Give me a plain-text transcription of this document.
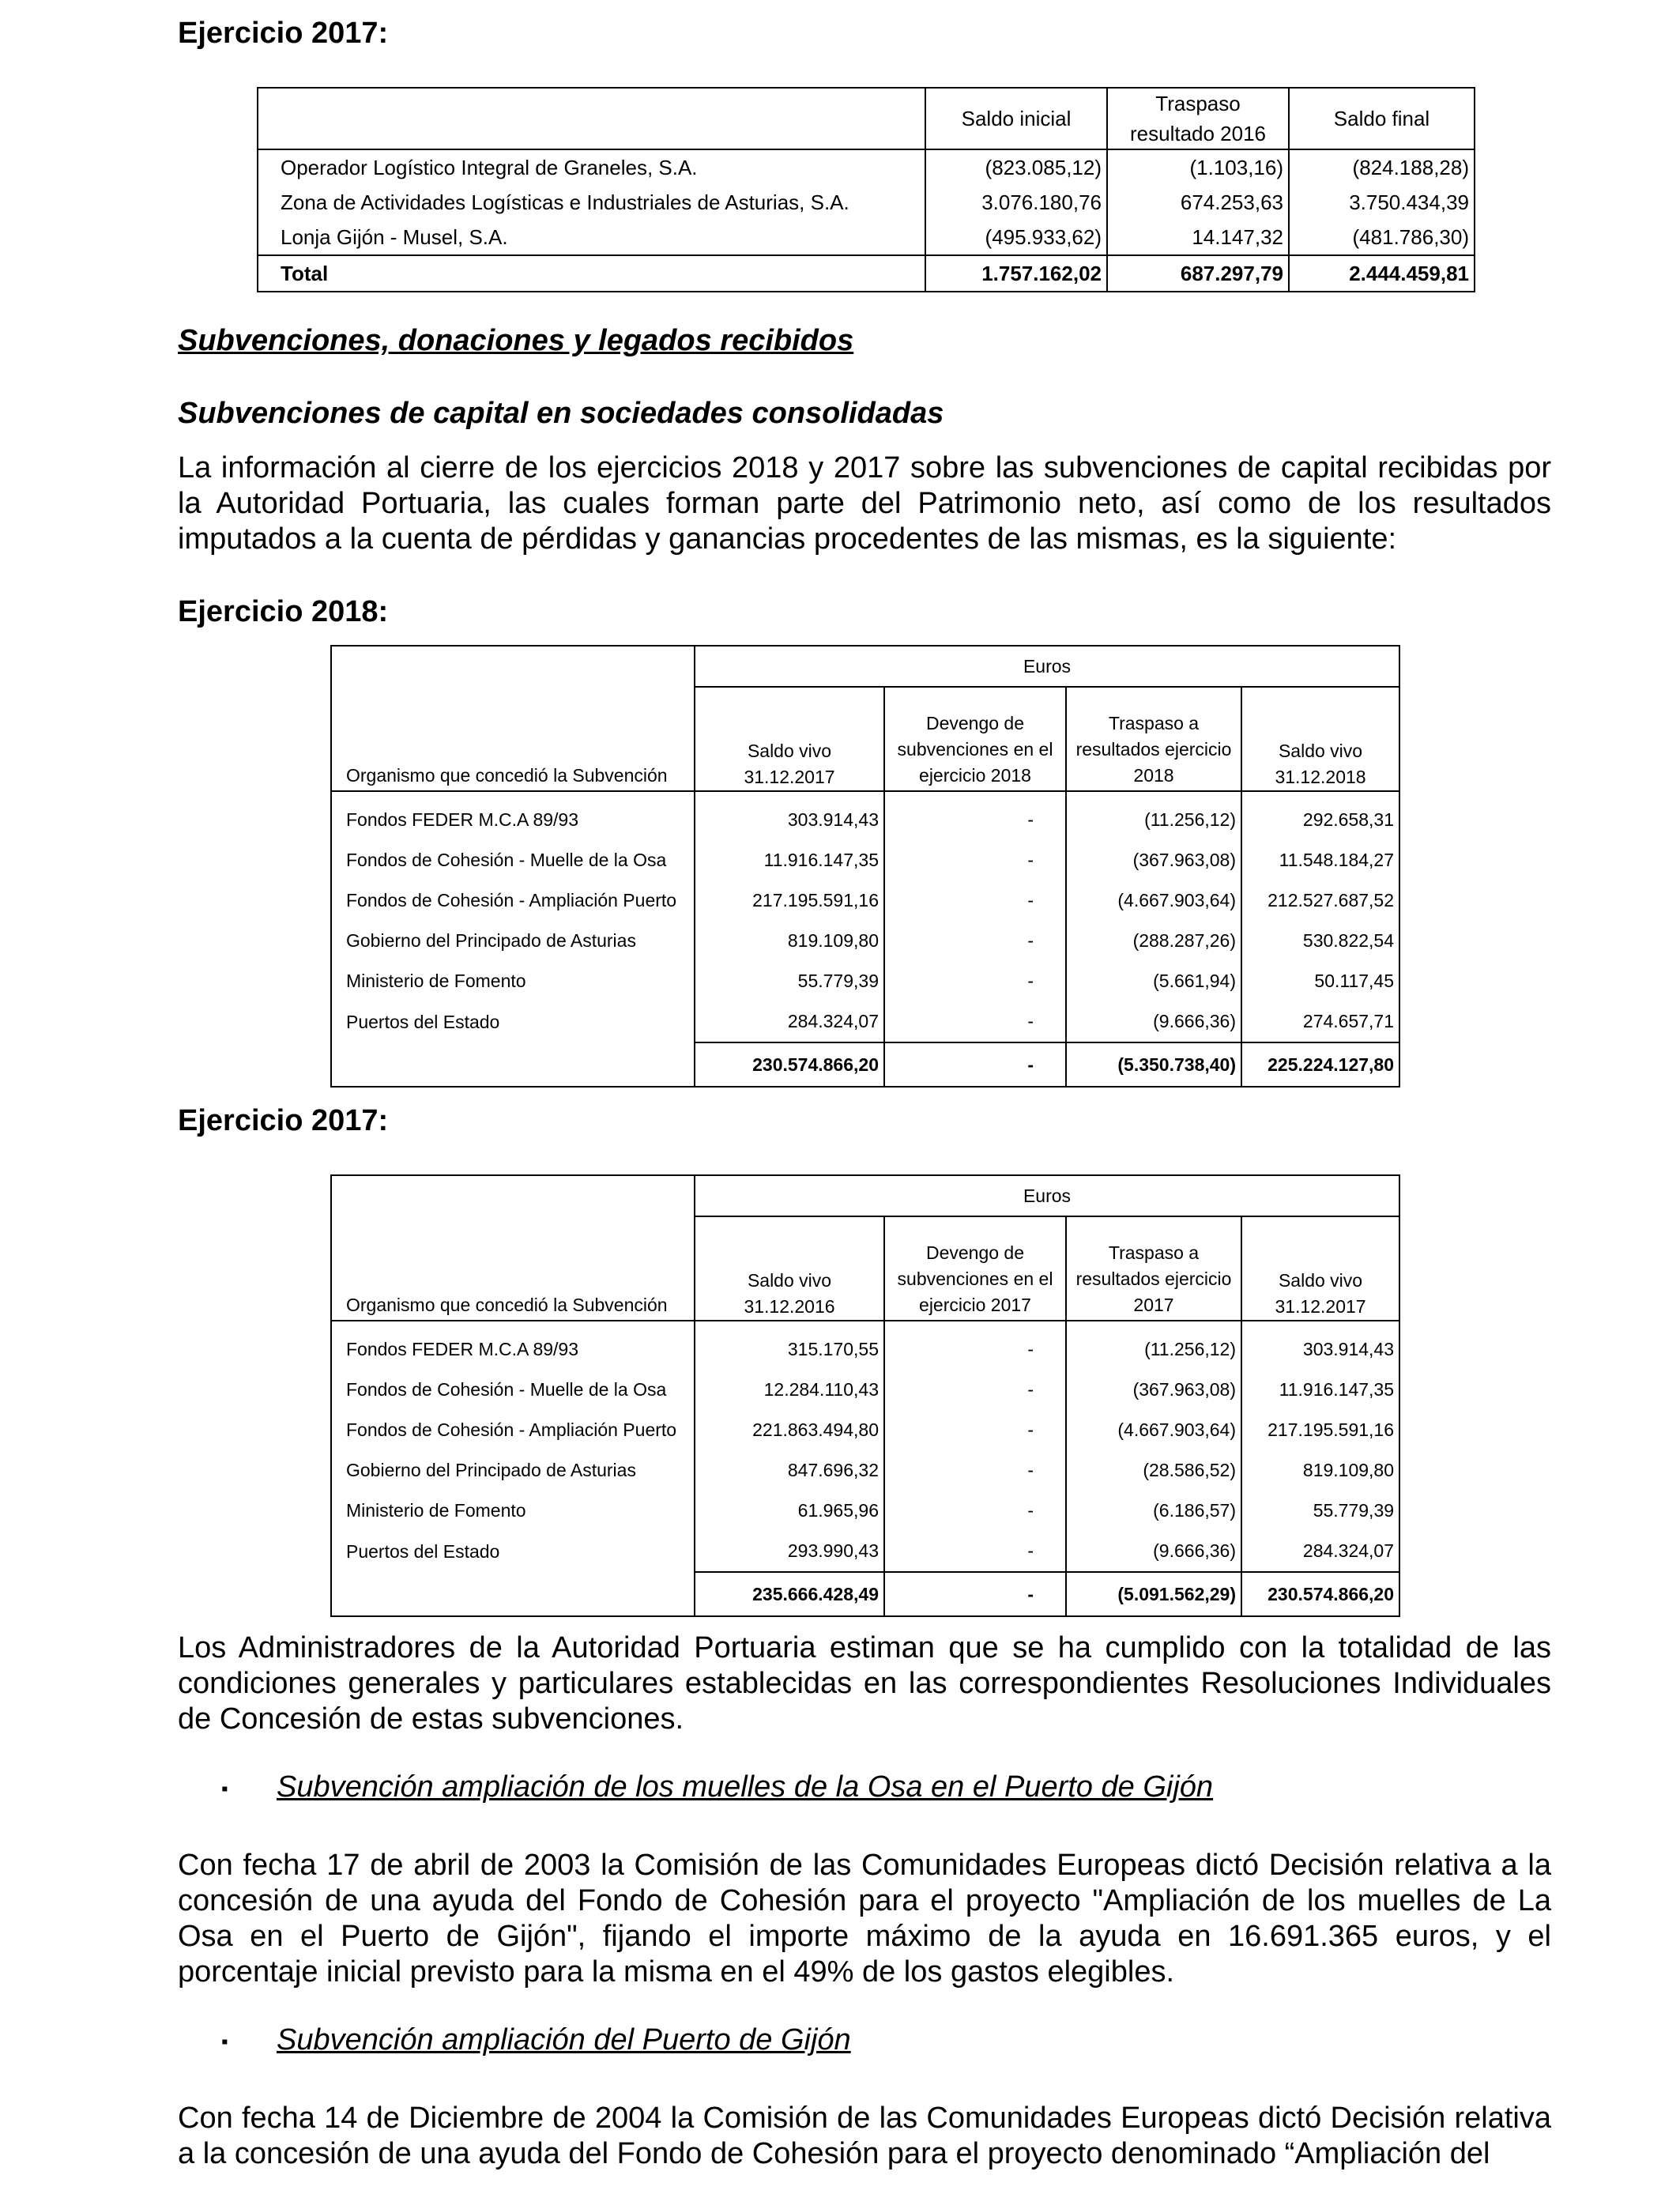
Ejercicio 2017:
	Saldo inicial	Traspaso resultado 2016	Saldo final
Operador Logístico Integral de Graneles, S.A.	(823.085,12)	(1.103,16)	(824.188,28)
Zona de Actividades Logísticas e Industriales de Asturias, S.A.	3.076.180,76	674.253,63	3.750.434,39
Lonja Gijón - Musel, S.A.	(495.933,62)	14.147,32	(481.786,30)
Total	1.757.162,02	687.297,79	2.444.459,81
Subvenciones, donaciones y legados recibidos
Subvenciones de capital en sociedades consolidadas
La información al cierre de los ejercicios 2018 y 2017 sobre las subvenciones de capital recibidas por la Autoridad Portuaria, las cuales forman parte del Patrimonio neto, así como de los resultados imputados a la cuenta de pérdidas y ganancias procedentes de las mismas, es la siguiente:
Ejercicio 2018:
	Euros			
Organismo que concedió la Subvención	Saldo vivo 31.12.2017	Devengo de subvenciones en el ejercicio 2018	Traspaso a resultados ejercicio 2018	Saldo vivo 31.12.2018

Fondos FEDER M.C.A 89/93	303.914,43	-	(11.256,12)	292.658,31
Fondos de Cohesión - Muelle de la Osa	11.916.147,35	-	(367.963,08)	11.548.184,27
Fondos de Cohesión - Ampliación Puerto	217.195.591,16	-	(4.667.903,64)	212.527.687,52
Gobierno del Principado de Asturias	819.109,80	-	(288.287,26)	530.822,54
Ministerio de Fomento	55.779,39	-	(5.661,94)	50.117,45
Puertos del Estado	284.324,07	-	(9.666,36)	274.657,71
	230.574.866,20	-	(5.350.738,40)	225.224.127,80
Ejercicio 2017:
	Euros			
Organismo que concedió la Subvención	Saldo vivo 31.12.2016	Devengo de subvenciones en el ejercicio 2017	Traspaso a resultados ejercicio 2017	Saldo vivo 31.12.2017

Fondos FEDER M.C.A 89/93	315.170,55	-	(11.256,12)	303.914,43
Fondos de Cohesión - Muelle de la Osa	12.284.110,43	-	(367.963,08)	11.916.147,35
Fondos de Cohesión - Ampliación Puerto	221.863.494,80	-	(4.667.903,64)	217.195.591,16
Gobierno del Principado de Asturias	847.696,32	-	(28.586,52)	819.109,80
Ministerio de Fomento	61.965,96	-	(6.186,57)	55.779,39
Puertos del Estado	293.990,43	-	(9.666,36)	284.324,07
	235.666.428,49	-	(5.091.562,29)	230.574.866,20
Los Administradores de la Autoridad Portuaria estiman que se ha cumplido con la totalidad de las condiciones generales y particulares establecidas en las correspondientes Resoluciones Individuales de Concesión de estas subvenciones.
▪ Subvención ampliación de los muelles de la Osa en el Puerto de Gijón
Con fecha 17 de abril de 2003 la Comisión de las Comunidades Europeas dictó Decisión relativa a la concesión de una ayuda del Fondo de Cohesión para el proyecto "Ampliación de los muelles de La Osa en el Puerto de Gijón", fijando el importe máximo de la ayuda en 16.691.365 euros, y el porcentaje inicial previsto para la misma en el 49% de los gastos elegibles.
▪ Subvención ampliación del Puerto de Gijón
Con fecha 14 de Diciembre de 2004 la Comisión de las Comunidades Europeas dictó Decisión relativa a la concesión de una ayuda del Fondo de Cohesión para el proyecto denominado “Ampliación del
